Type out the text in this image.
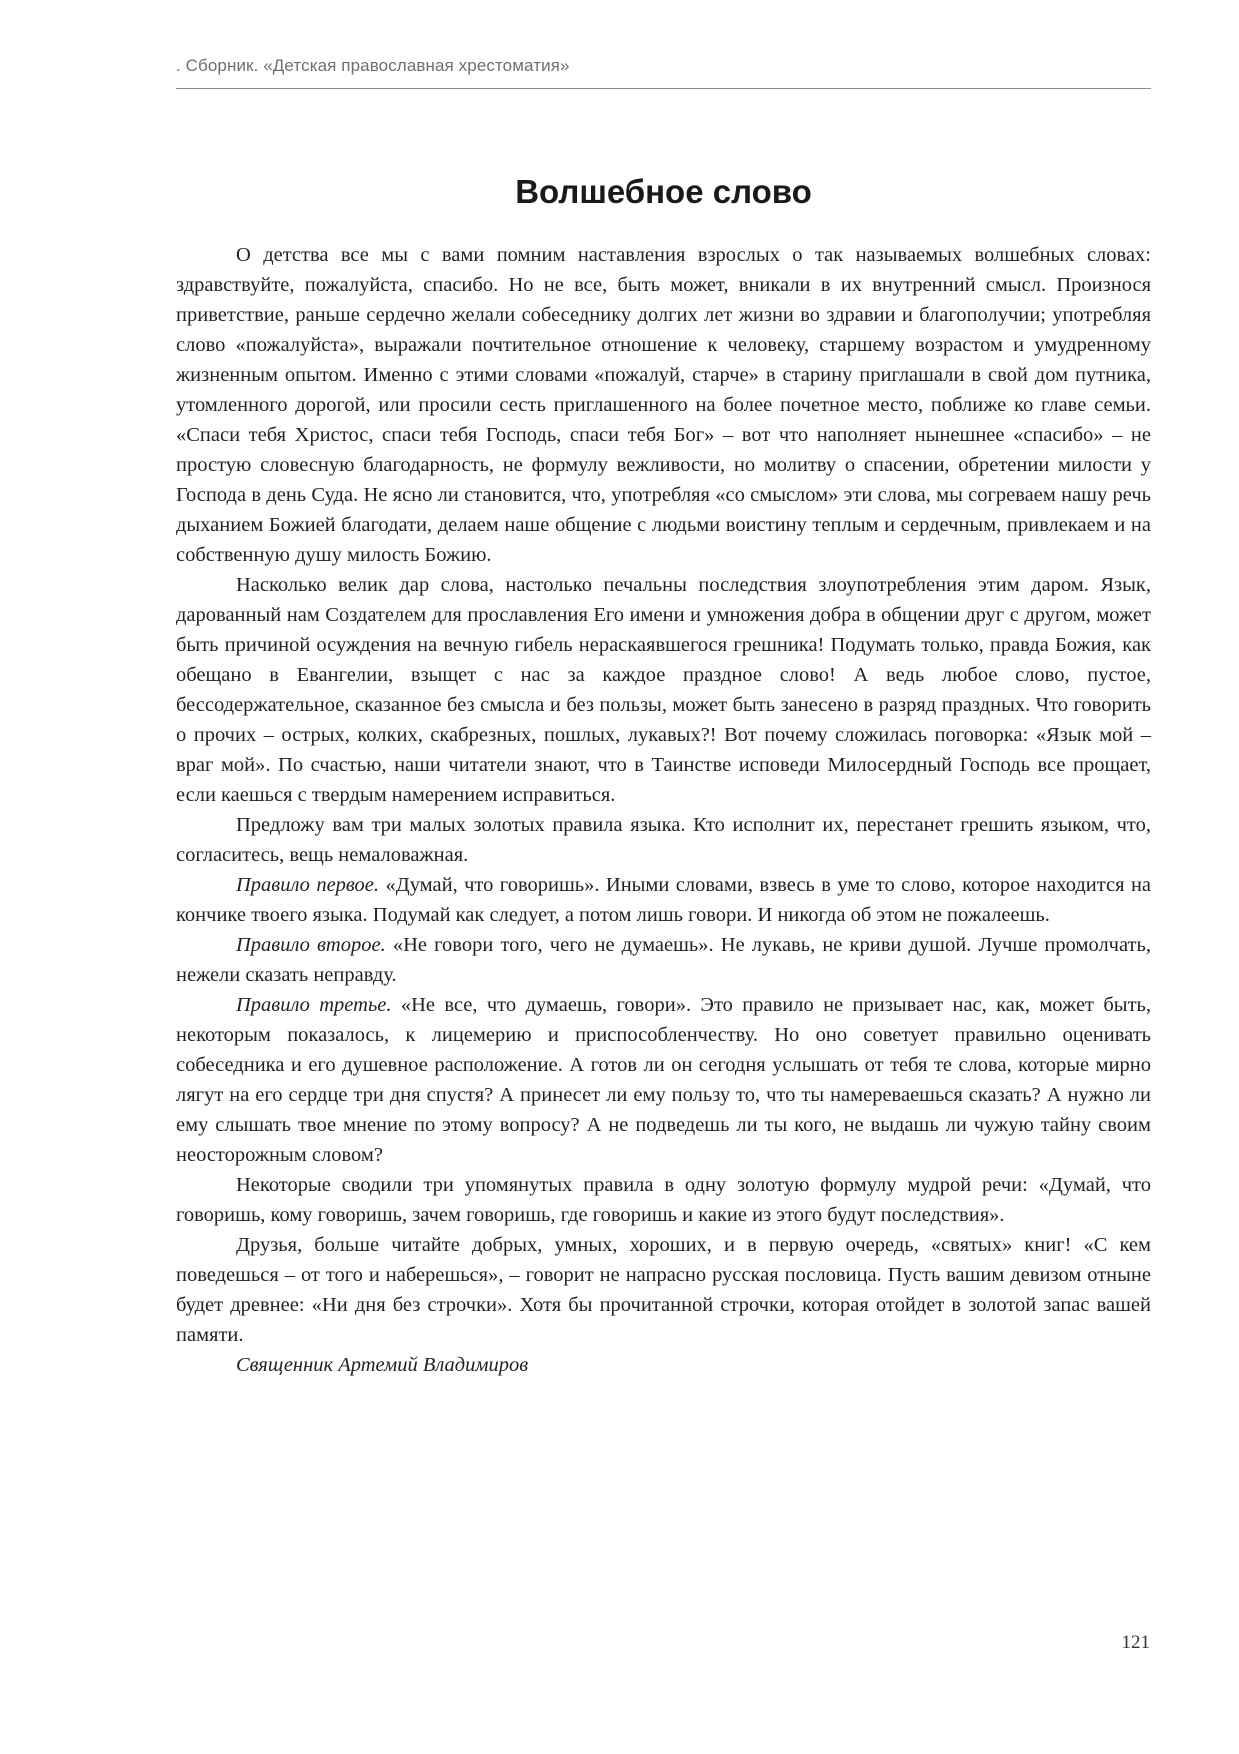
. Сборник. «Детская православная хрестоматия»
Волшебное слово

О детства все мы с вами помним наставления взрослых о так называемых волшебных словах: здравствуйте, пожалуйста, спасибо. Но не все, быть может, вникали в их внутренний смысл. Произнося приветствие, раньше сердечно желали собеседнику долгих лет жизни во здравии и благополучии; употребляя слово «пожалуйста», выражали почтительное отношение к человеку, старшему возрастом и умудренному жизненным опытом. Именно с этими словами «пожалуй, старче» в старину приглашали в свой дом путника, утомленного дорогой, или просили сесть приглашенного на более почетное место, поближе ко главе семьи. «Спаси тебя Христос, спаси тебя Господь, спаси тебя Бог» – вот что наполняет нынешнее «спасибо» – не простую словесную благодарность, не формулу вежливости, но молитву о спасении, обретении милости у Господа в день Суда. Не ясно ли становится, что, употребляя «со смыслом» эти слова, мы согреваем нашу речь дыханием Божией благодати, делаем наше общение с людьми воистину теплым и сердечным, привлекаем и на собственную душу милость Божию.

Насколько велик дар слова, настолько печальны последствия злоупотребления этим даром. Язык, дарованный нам Создателем для прославления Его имени и умножения добра в общении друг с другом, может быть причиной осуждения на вечную гибель нераскаявшегося грешника! Подумать только, правда Божия, как обещано в Евангелии, взыщет с нас за каждое праздное слово! А ведь любое слово, пустое, бессодержательное, сказанное без смысла и без пользы, может быть занесено в разряд праздных. Что говорить о прочих – острых, колких, скабрезных, пошлых, лукавых?! Вот почему сложилась поговорка: «Язык мой – враг мой». По счастью, наши читатели знают, что в Таинстве исповеди Милосердный Господь все прощает, если каешься с твердым намерением исправиться.

Предложу вам три малых золотых правила языка. Кто исполнит их, перестанет грешить языком, что, согласитесь, вещь немаловажная.

Правило первое. «Думай, что говоришь». Иными словами, взвесь в уме то слово, которое находится на кончике твоего языка. Подумай как следует, а потом лишь говори. И никогда об этом не пожалеешь.

Правило второе. «Не говори того, чего не думаешь». Не лукавь, не криви душой. Лучше промолчать, нежели сказать неправду.

Правило третье. «Не все, что думаешь, говори». Это правило не призывает нас, как, может быть, некоторым показалось, к лицемерию и приспособленчеству. Но оно советует правильно оценивать собеседника и его душевное расположение. А готов ли он сегодня услышать от тебя те слова, которые мирно лягут на его сердце три дня спустя? А принесет ли ему пользу то, что ты намереваешься сказать? А нужно ли ему слышать твое мнение по этому вопросу? А не подведешь ли ты кого, не выдашь ли чужую тайну своим неосторожным словом?

Некоторые сводили три упомянутых правила в одну золотую формулу мудрой речи: «Думай, что говоришь, кому говоришь, зачем говоришь, где говоришь и какие из этого будут последствия».

Друзья, больше читайте добрых, умных, хороших, и в первую очередь, «святых» книг! «С кем поведешься – от того и наберешься», – говорит не напрасно русская пословица. Пусть вашим девизом отныне будет древнее: «Ни дня без строчки». Хотя бы прочитанной строчки, которая отойдет в золотой запас вашей памяти.

Священник Артемий Владимиров

121
